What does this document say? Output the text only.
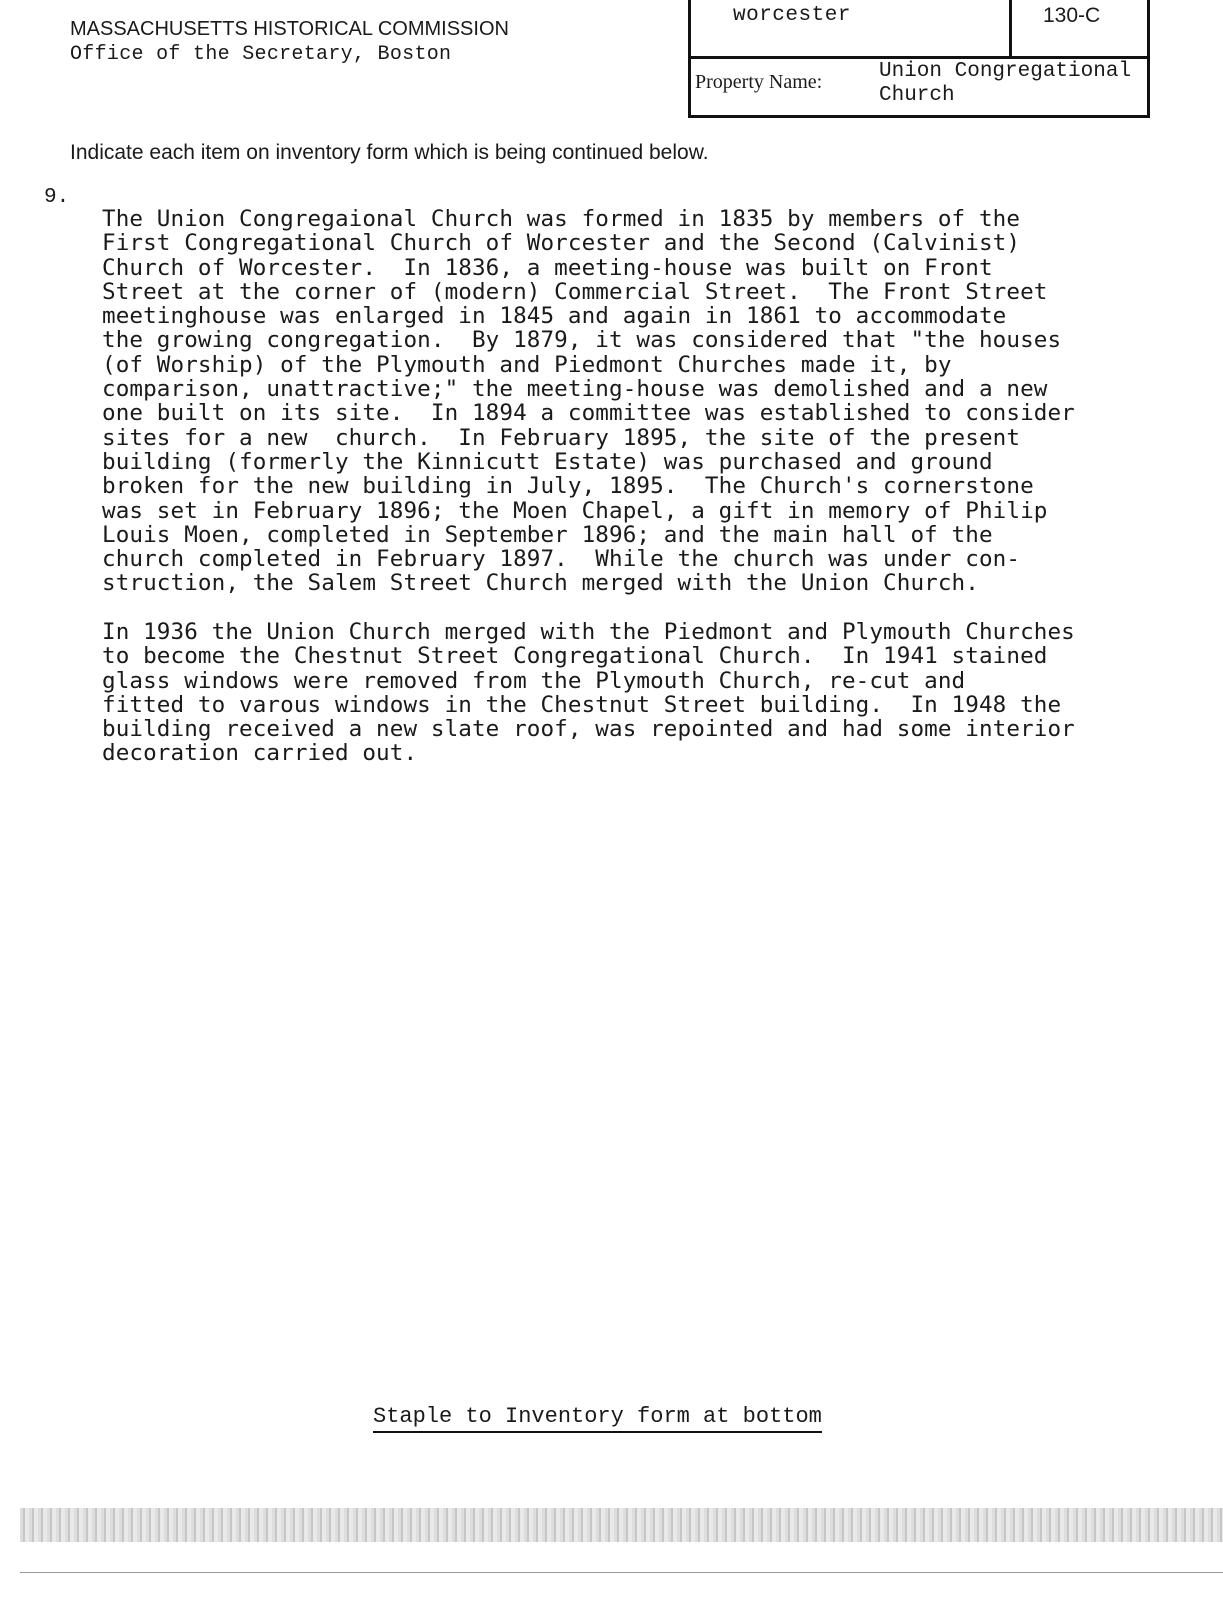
MASSACHUSETTS HISTORICAL COMMISSION
Office of the Secretary, Boston
worcester	130-C
Property Name:	Union Congregational
Church
Indicate each item on inventory form which is being continued below.
9.
The Union Congregaional Church was formed in 1835 by members of the
First Congregational Church of Worcester and the Second (Calvinist)
Church of Worcester.  In 1836, a meeting-house was built on Front
Street at the corner of (modern) Commercial Street.  The Front Street
meetinghouse was enlarged in 1845 and again in 1861 to accommodate
the growing congregation.  By 1879, it was considered that "the houses
(of Worship) of the Plymouth and Piedmont Churches made it, by
comparison, unattractive;" the meeting-house was demolished and a new
one built on its site.  In 1894 a committee was established to consider
sites for a new  church.  In February 1895, the site of the present
building (formerly the Kinnicutt Estate) was purchased and ground
broken for the new building in July, 1895.  The Church's cornerstone
was set in February 1896; the Moen Chapel, a gift in memory of Philip
Louis Moen, completed in September 1896; and the main hall of the
church completed in February 1897.  While the church was under con-
struction, the Salem Street Church merged with the Union Church.
In 1936 the Union Church merged with the Piedmont and Plymouth Churches
to become the Chestnut Street Congregational Church.  In 1941 stained
glass windows were removed from the Plymouth Church, re-cut and
fitted to varous windows in the Chestnut Street building.  In 1948 the
building received a new slate roof, was repointed and had some interior
decoration carried out.
Staple to Inventory form at bottom
